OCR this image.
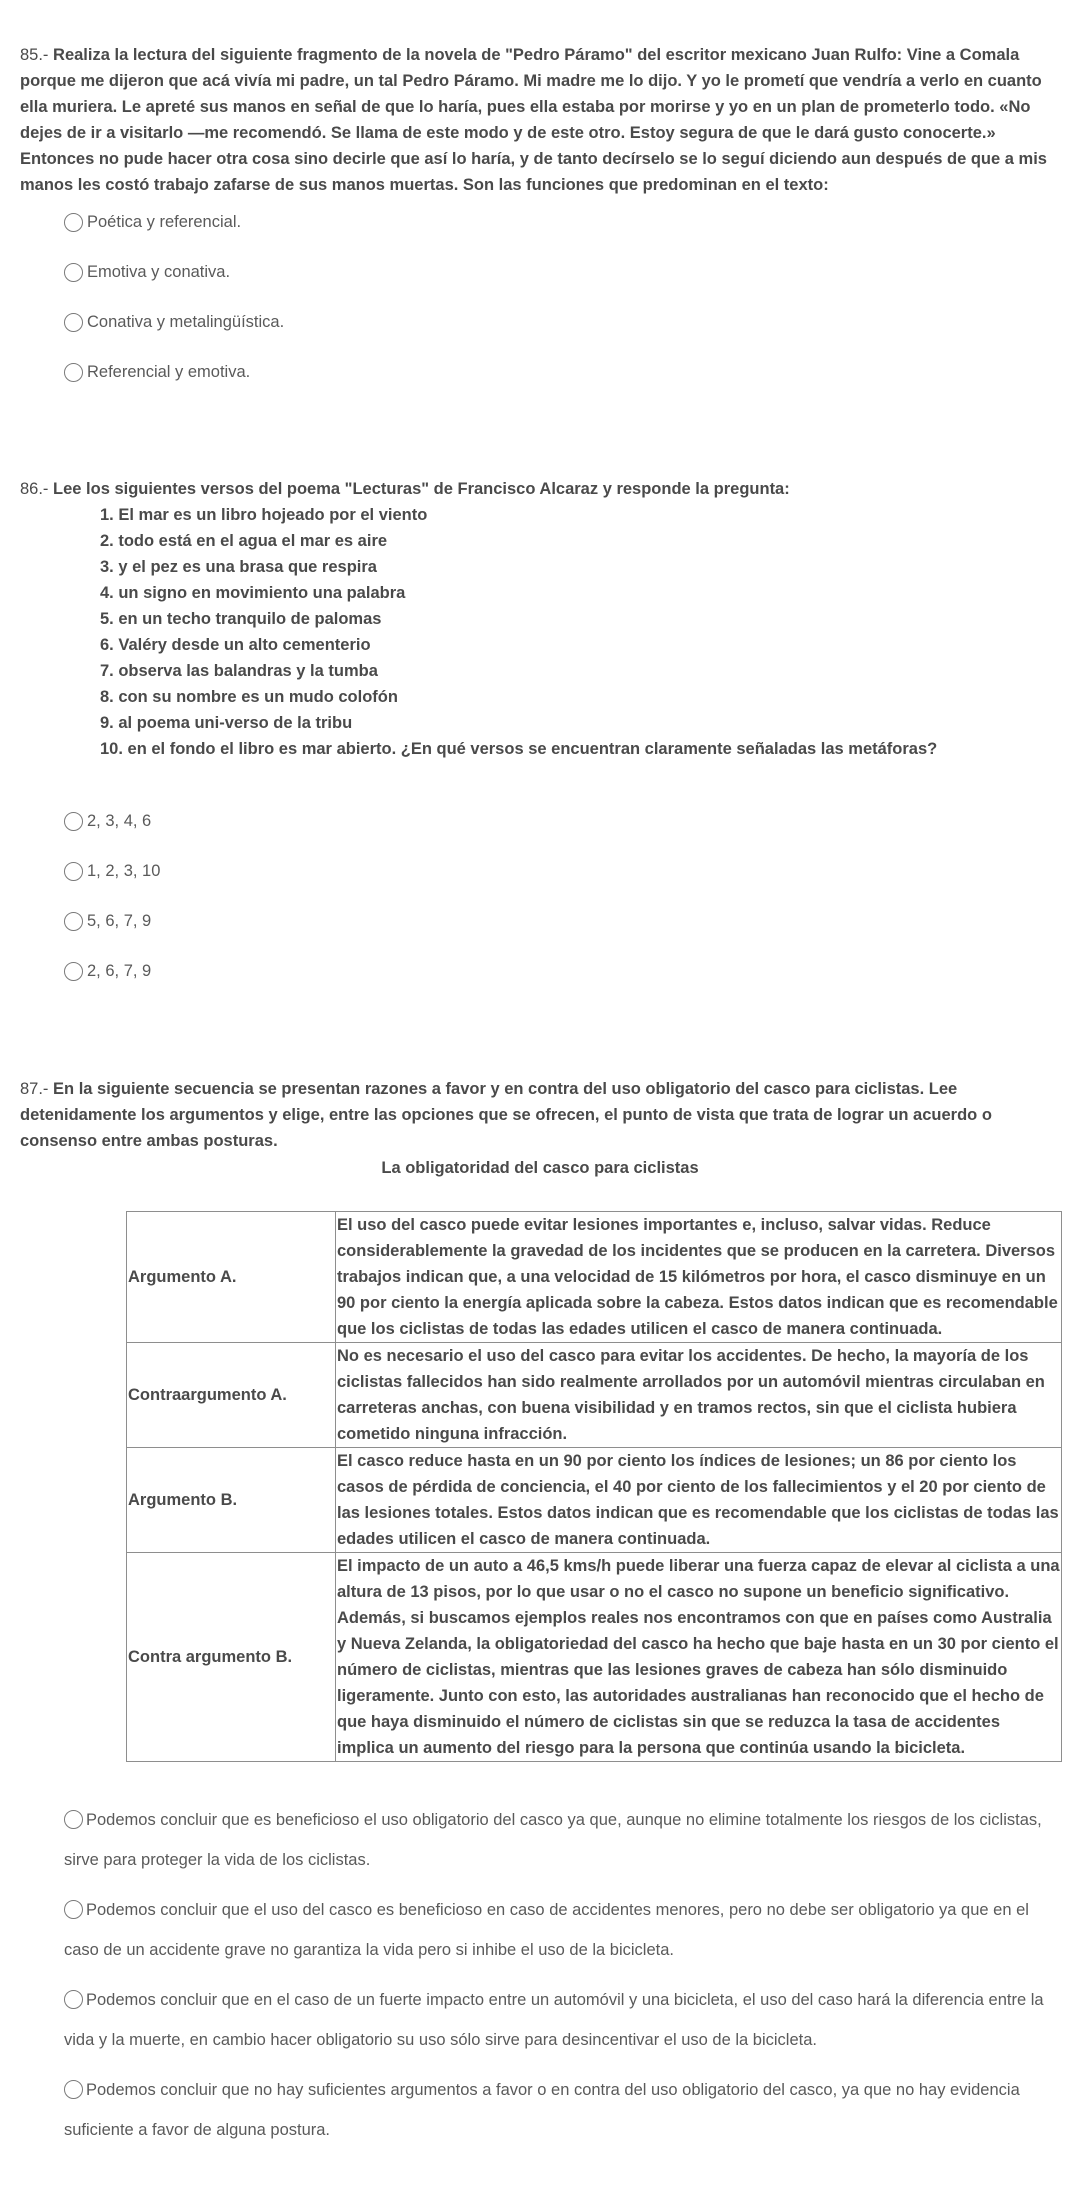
85.- Realiza la lectura del siguiente fragmento de la novela de "Pedro Páramo" del escritor mexicano Juan Rulfo: Vine a Comala porque me dijeron que acá vivía mi padre, un tal Pedro Páramo. Mi madre me lo dijo. Y yo le prometí que vendría a verlo en cuanto ella muriera. Le apreté sus manos en señal de que lo haría, pues ella estaba por morirse y yo en un plan de prometerlo todo. «No dejes de ir a visitarlo —me recomendó. Se llama de este modo y de este otro. Estoy segura de que le dará gusto conocerte.» Entonces no pude hacer otra cosa sino decirle que así lo haría, y de tanto decírselo se lo seguí diciendo aun después de que a mis manos les costó trabajo zafarse de sus manos muertas. Son las funciones que predominan en el texto:
Poética y referencial.
Emotiva y conativa.
Conativa y metalingüística.
Referencial y emotiva.
86.- Lee los siguientes versos del poema "Lecturas" de Francisco Alcaraz y responde la pregunta:
1. El mar es un libro hojeado por el viento
2. todo está en el agua el mar es aire
3. y el pez es una brasa que respira
4. un signo en movimiento una palabra
5. en un techo tranquilo de palomas
6. Valéry desde un alto cementerio
7. observa las balandras y la tumba
8. con su nombre es un mudo colofón
9. al poema uni-verso de la tribu
10. en el fondo el libro es mar abierto. ¿En qué versos se encuentran claramente señaladas las metáforas?
2, 3, 4, 6
1, 2, 3, 10
5, 6, 7, 9
2, 6, 7, 9
87.- En la siguiente secuencia se presentan razones a favor y en contra del uso obligatorio del casco para ciclistas. Lee detenidamente los argumentos y elige, entre las opciones que se ofrecen, el punto de vista que trata de lograr un acuerdo o consenso entre ambas posturas.
La obligatoridad del casco para ciclistas
Argumento A.	El uso del casco puede evitar lesiones importantes e, incluso, salvar vidas. Reduce considerablemente la gravedad de los incidentes que se producen en la carretera. Diversos trabajos indican que, a una velocidad de 15 kilómetros por hora, el casco disminuye en un 90 por ciento la energía aplicada sobre la cabeza. Estos datos indican que es recomendable que los ciclistas de todas las edades utilicen el casco de manera continuada.
Contraargumento A.	No es necesario el uso del casco para evitar los accidentes. De hecho, la mayoría de los ciclistas fallecidos han sido realmente arrollados por un automóvil mientras circulaban en carreteras anchas, con buena visibilidad y en tramos rectos, sin que el ciclista hubiera cometido ninguna infracción.
Argumento B.	El casco reduce hasta en un 90 por ciento los índices de lesiones; un 86 por ciento los casos de pérdida de conciencia, el 40 por ciento de los fallecimientos y el 20 por ciento de las lesiones totales. Estos datos indican que es recomendable que los ciclistas de todas las edades utilicen el casco de manera continuada.
Contra argumento B.	El impacto de un auto a 46,5 kms/h puede liberar una fuerza capaz de elevar al ciclista a una altura de 13 pisos, por lo que usar o no el casco no supone un beneficio significativo. Además, si buscamos ejemplos reales nos encontramos con que en países como Australia y Nueva Zelanda, la obligatoriedad del casco ha hecho que baje hasta en un 30 por ciento el número de ciclistas, mientras que las lesiones graves de cabeza han sólo disminuido ligeramente. Junto con esto, las autoridades australianas han reconocido que el hecho de que haya disminuido el número de ciclistas sin que se reduzca la tasa de accidentes implica un aumento del riesgo para la persona que continúa usando la bicicleta.
Podemos concluir que es beneficioso el uso obligatorio del casco ya que, aunque no elimine totalmente los riesgos de los ciclistas, sirve para proteger la vida de los ciclistas.
Podemos concluir que el uso del casco es beneficioso en caso de accidentes menores, pero no debe ser obligatorio ya que en el caso de un accidente grave no garantiza la vida pero si inhibe el uso de la bicicleta.
Podemos concluir que en el caso de un fuerte impacto entre un automóvil y una bicicleta, el uso del caso hará la diferencia entre la vida y la muerte, en cambio hacer obligatorio su uso sólo sirve para desincentivar el uso de la bicicleta.
Podemos concluir que no hay suficientes argumentos a favor o en contra del uso obligatorio del casco, ya que no hay evidencia suficiente a favor de alguna postura.
